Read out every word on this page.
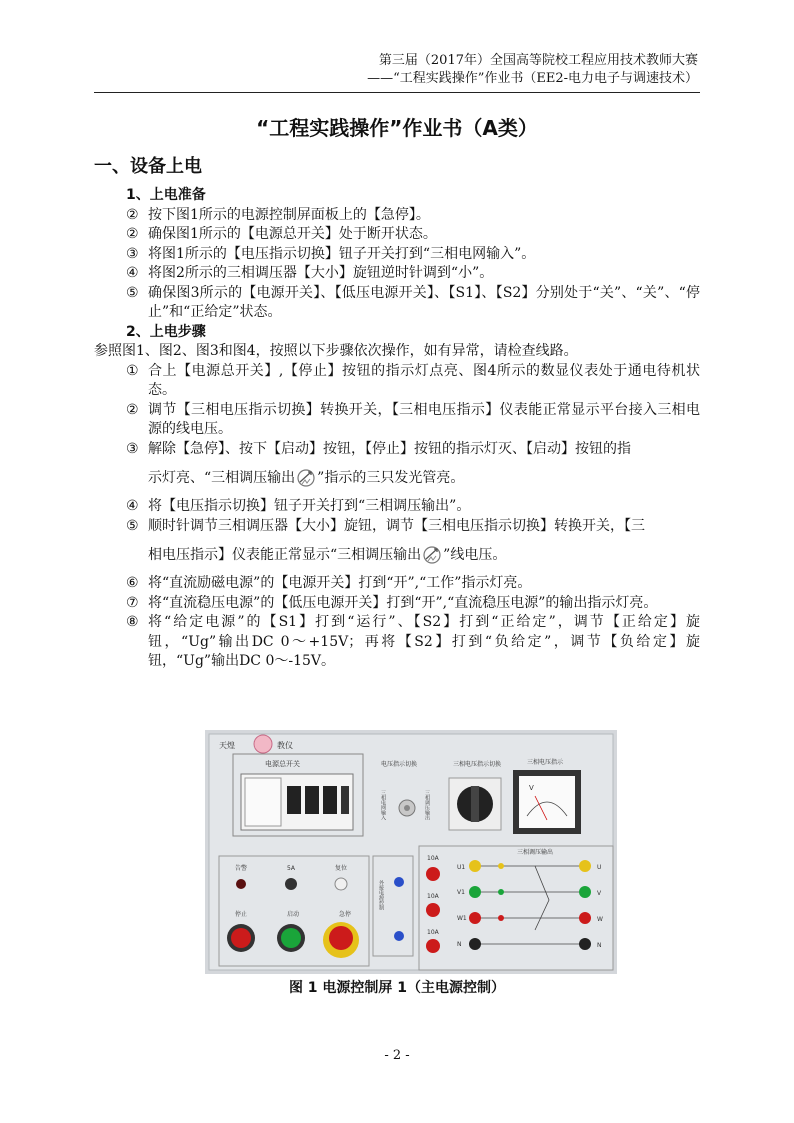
第三届（2017年）全国高等院校工程应用技术教师大赛
——“工程实践操作”作业书（EE2-电力电子与调速技术）
“工程实践操作”作业书（A类）
一、设备上电
1、上电准备
② 按下图1所示的电源控制屏面板上的【急停】。
② 确保图1所示的【电源总开关】处于断开状态。
③ 将图1所示的【电压指示切换】钮子开关打到“三相电网输入”。
④ 将图2所示的三相调压器【大小】旋钮逆时针调到“小”。
⑤ 确保图3所示的【电源开关】、【低压电源开关】、【S1】、【S2】分别处于“关”、“关”、“停止”和“正给定”状态。
2、上电步骤
参照图1、图2、图3和图4，按照以下步骤依次操作，如有异常，请检查线路。
① 合上【电源总开关】,【停止】按钮的指示灯点亮、图4所示的数显仪表处于通电待机状态。
② 调节【三相电压指示切换】转换开关，【三相电压指示】仪表能正常显示平台接入三相电源的线电压。
③ 解除【急停】、按下【启动】按钮，【停止】按钮的指示灯灭、【启动】按钮的指
示灯亮、“三相调压输出 ”指示的三只发光管亮。
④ 将【电压指示切换】钮子开关打到“三相调压输出”。
⑤ 顺时针调节三相调压器【大小】旋钮，调节【三相电压指示切换】转换开关，【三
相电压指示】仪表能正常显示“三相调压输出 ”线电压。
⑥ 将“直流励磁电源”的【电源开关】打到“开”,“工作”指示灯亮。
⑦ 将“直流稳压电源”的【低压电源开关】打到“开”,“直流稳压电源”的输出指示灯亮。
⑧ 将“给定电源”的【S1】打到“运行”、【S2】打到“正给定”，调节【正给定】旋钮，“Ug”输出DC 0～+15V；再将【S2】打到“负给定”，调节【负给定】旋钮，“Ug”输出DC 0～-15V。
天煌	教仪
电源总开关	电压指示切换
三相电网输入	三相调压输出
三相电压指示切换	三相电压指示
V
告警	5A	复位
停止	启动	急停
外接电源控制
10A
10A
10A
三相调压输出
U1
V1
W1
N
U
V
W
N
图 1 电源控制屏 1（主电源控制）
- 2 -
